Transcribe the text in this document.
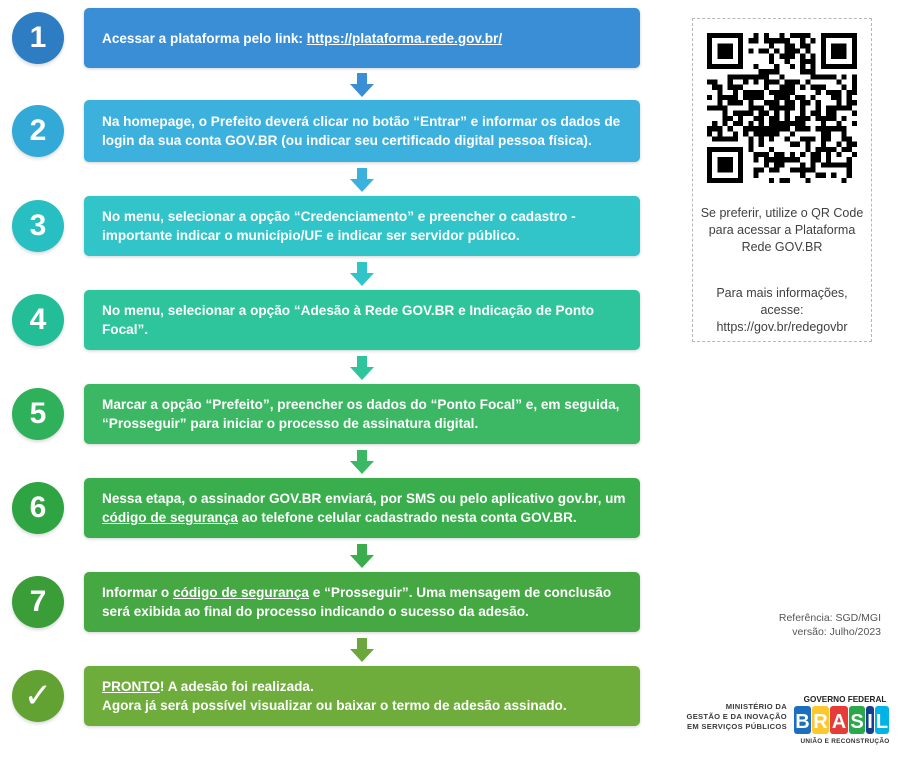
1	Acessar a plataforma pelo link: https://plataforma.rede.gov.br/
2	Na homepage, o Prefeito deverá clicar no botão “Entrar” e informar os dados de login da sua conta GOV.BR (ou indicar seu certificado digital pessoa física).
3	No menu, selecionar a opção “Credenciamento” e preencher o cadastro - importante indicar o município/UF e indicar ser servidor público.
4	No menu, selecionar a opção “Adesão à Rede GOV.BR e Indicação de Ponto Focal”.
5	Marcar a opção “Prefeito”, preencher os dados do “Ponto Focal” e, em seguida, “Prosseguir” para iniciar o processo de assinatura digital.
6	Nessa etapa, o assinador GOV.BR enviará, por SMS ou pelo aplicativo gov.br, um código de segurança ao telefone celular cadastrado nesta conta GOV.BR.
7	Informar o código de segurança e “Prosseguir”. Uma mensagem de conclusão será exibida ao final do processo indicando o sucesso da adesão.
✓	PRONTO! A adesão foi realizada.
Agora já será possível visualizar ou baixar o termo de adesão assinado.
Se preferir, utilize o QR Code para acessar a Plataforma Rede GOV.BR
Para mais informações, acesse: https://gov.br/redegovbr
Referência: SGD/MGI
versão: Julho/2023
MINISTÉRIO DA
GESTÃO E DA INOVAÇÃO
EM SERVIÇOS PÚBLICOS
GOVERNO FEDERAL
B R A S I L
UNIÃO E RECONSTRUÇÃO
